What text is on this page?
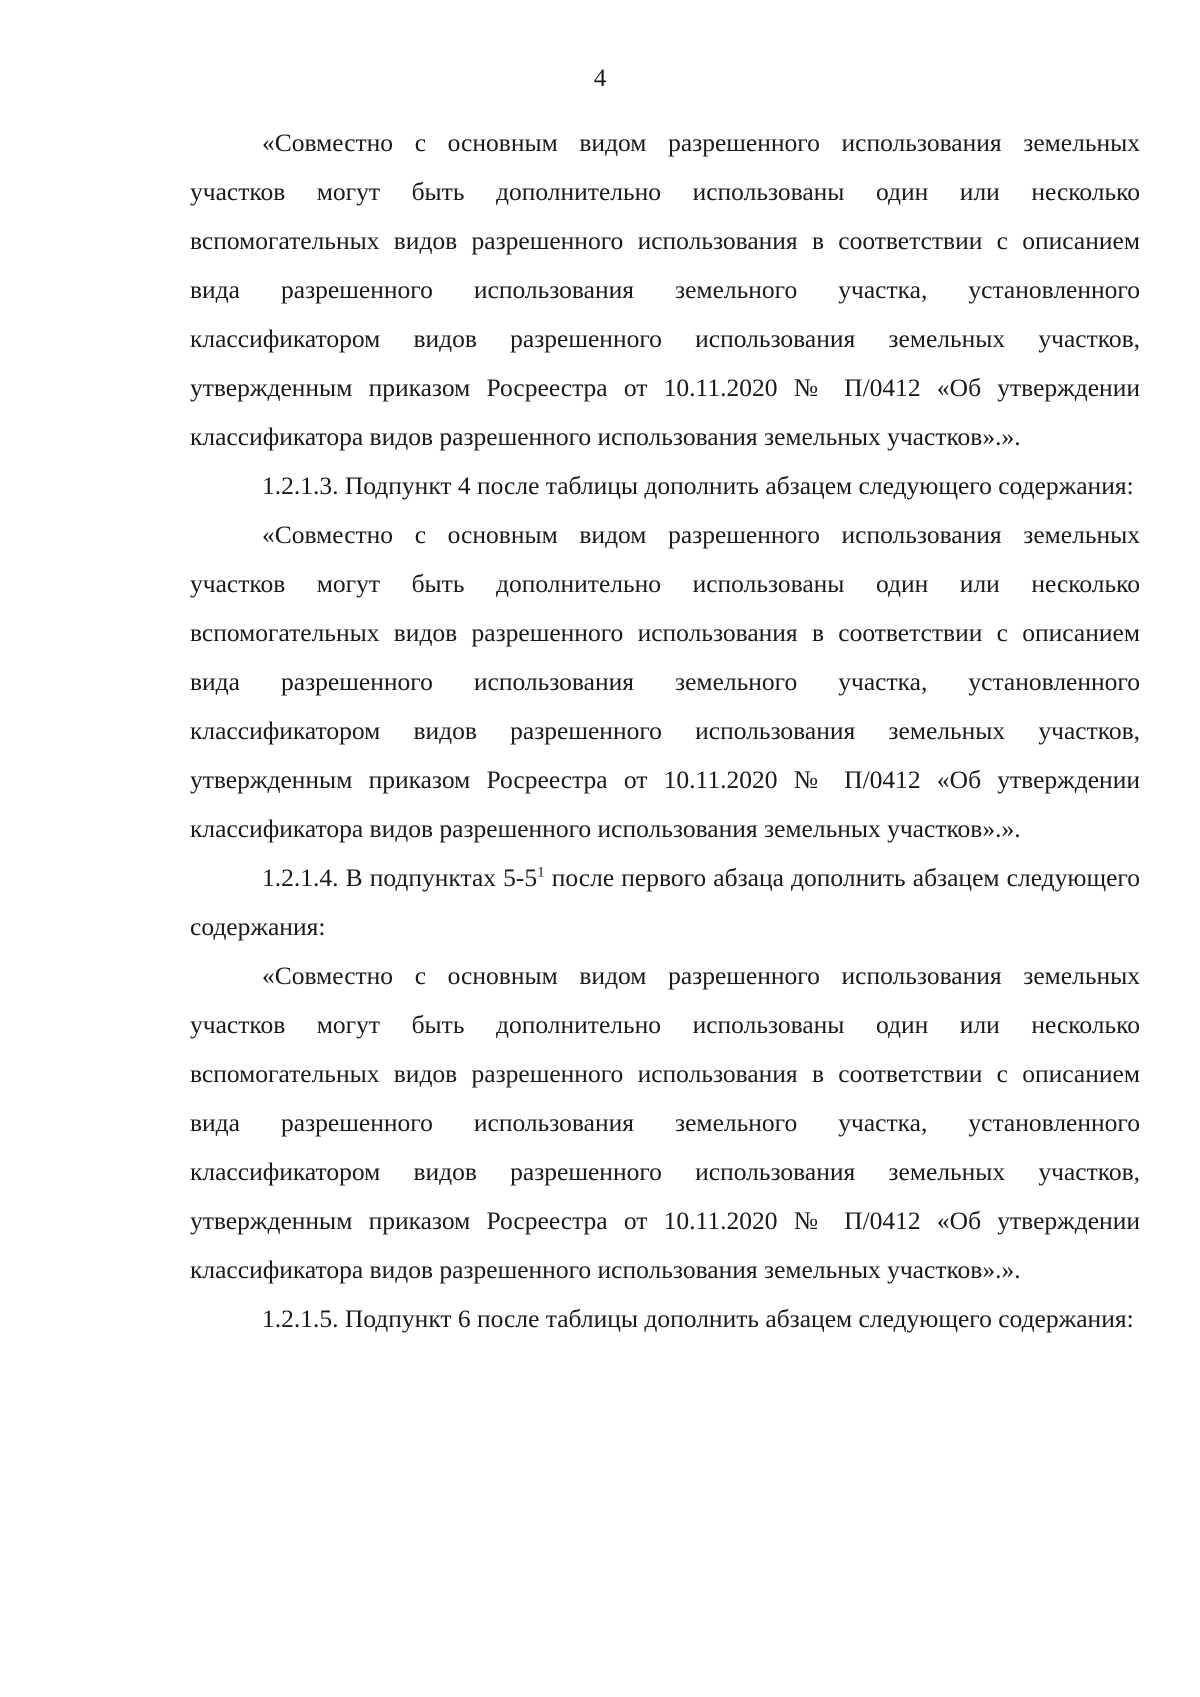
4

«Совместно с основным видом разрешенного использования земельных участков могут быть дополнительно использованы один или несколько вспомогательных видов разрешенного использования в соответствии с описанием вида разрешенного использования земельного участка, установленного классификатором видов разрешенного использования земельных участков, утвержденным приказом Росреестра от 10.11.2020 № П/0412 «Об утверждении классификатора видов разрешенного использования земельных участков».».

1.2.1.3. Подпункт 4 после таблицы дополнить абзацем следующего содержания:

«Совместно с основным видом разрешенного использования земельных участков могут быть дополнительно использованы один или несколько вспомогательных видов разрешенного использования в соответствии с описанием вида разрешенного использования земельного участка, установленного классификатором видов разрешенного использования земельных участков, утвержденным приказом Росреестра от 10.11.2020 № П/0412 «Об утверждении классификатора видов разрешенного использования земельных участков».».

1.2.1.4. В подпунктах $5-5^1$ после первого абзаца дополнить абзацем следующего содержания:

«Совместно с основным видом разрешенного использования земельных участков могут быть дополнительно использованы один или несколько вспомогательных видов разрешенного использования в соответствии с описанием вида разрешенного использования земельного участка, установленного классификатором видов разрешенного использования земельных участков, утвержденным приказом Росреестра от 10.11.2020 № П/0412 «Об утверждении классификатора видов разрешенного использования земельных участков».».

1.2.1.5. Подпункт 6 после таблицы дополнить абзацем следующего содержания:
